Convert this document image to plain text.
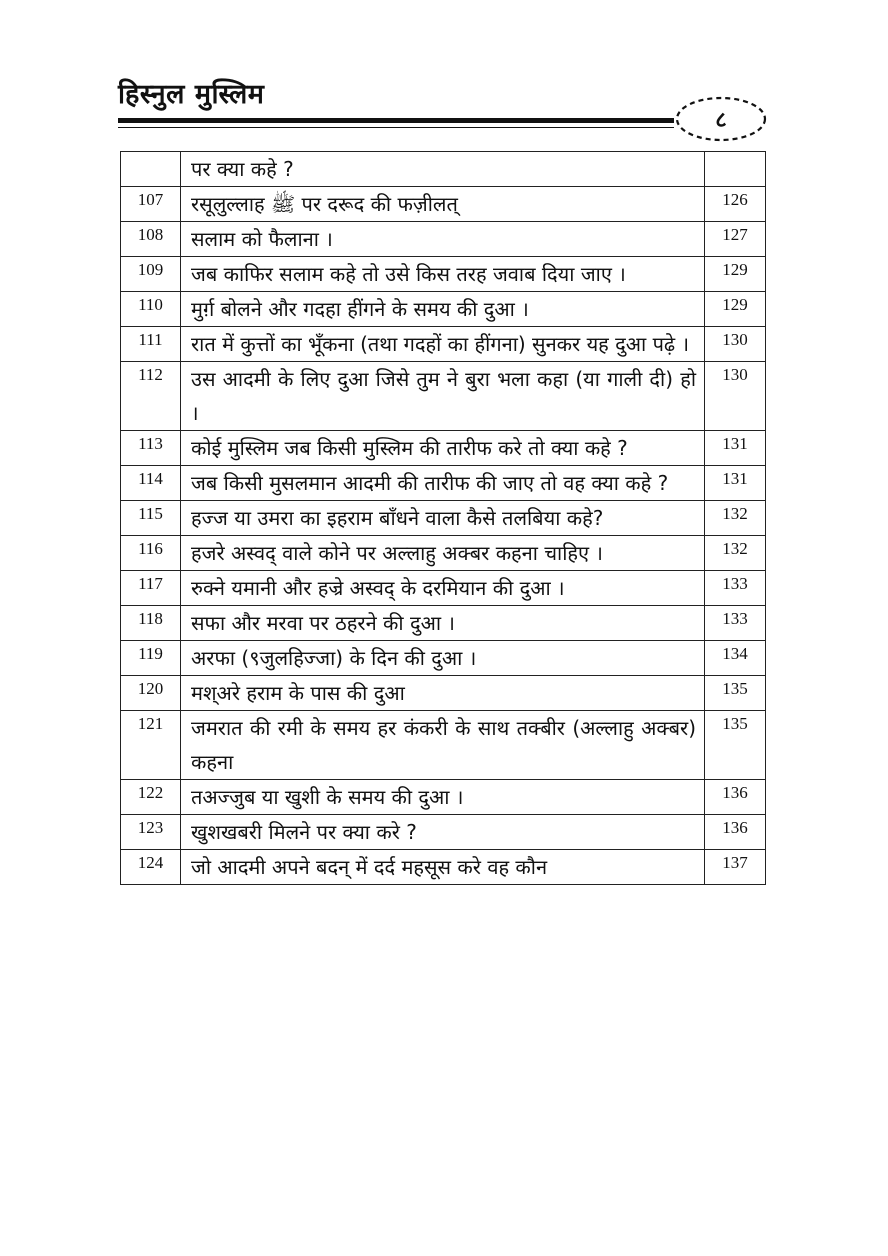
हिस्नुल मुस्लिम
८
	पर क्या कहे ?	
107	रसूलुल्लाह ﷺ पर दरूद की फज़ीलत्	126
108	सलाम को फैलाना ।	127
109	जब काफिर सलाम कहे तो उसे किस तरह जवाब दिया जाए ।	129
110	मुर्ग़ बोलने और गदहा हींगने के समय की दुआ ।	129
111	रात में कुत्तों का भूँकना (तथा गदहों का हींगना) सुनकर यह दुआ पढ़े ।	130
112	उस आदमी के लिए दुआ जिसे तुम ने बुरा भला कहा (या गाली दी) हो ।	130
113	कोई मुस्लिम जब किसी मुस्लिम की तारीफ करे तो क्या कहे ?	131
114	जब किसी मुसलमान आदमी की तारीफ की जाए तो वह क्या कहे ?	131
115	हज्ज या उमरा का इहराम बाँधने वाला कैसे तलबिया कहे?	132
116	हजरे अस्वद् वाले कोने पर अल्लाहु अक्बर कहना चाहिए ।	132
117	रुक्ने यमानी और हज्रे अस्वद् के दरमियान की दुआ ।	133
118	सफा और मरवा पर ठहरने की दुआ ।	133
119	अरफा (९जुलहिज्जा) के दिन की दुआ ।	134
120	मश्अरे हराम के पास की दुआ	135
121	जमरात की रमी के समय हर कंकरी के साथ तक्बीर (अल्लाहु अक्बर) कहना	135
122	तअज्जुब या खुशी के समय की दुआ ।	136
123	खुशखबरी मिलने पर क्या करे ?	136
124	जो आदमी अपने बदन् में दर्द महसूस करे वह कौन	137
